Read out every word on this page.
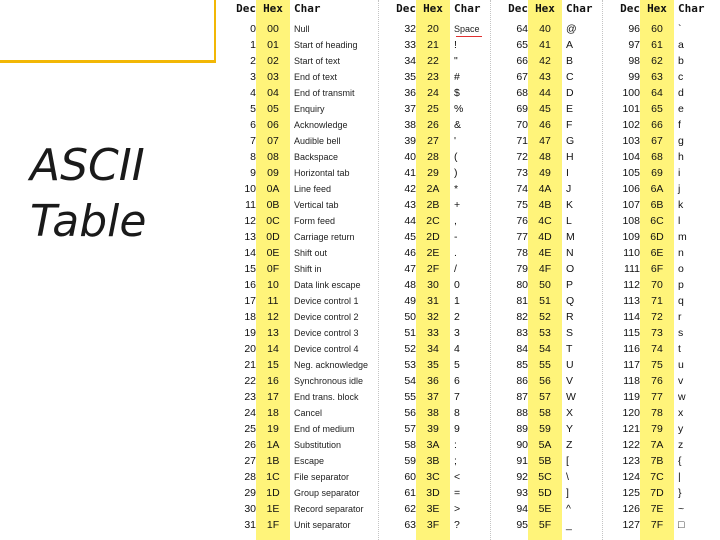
ASCII
Table
Dec Hex	Char
0	00	Null
1	01	Start of heading
2	02	Start of text
3	03	End of text
4	04	End of transmit
5	05	Enquiry
6	06	Acknowledge
7	07	Audible bell
8	08	Backspace
9	09	Horizontal tab
10	0A	Line feed
11	0B	Vertical tab
12 0C	Form feed
13 0D	Carriage return
14	0E	Shift out
15	0F	Shift in
16	10	Data link escape
17	11	Device control 1
18	12	Device control 2
19	13	Device control 3
20	14	Device control 4
21	15	Neg. acknowledge
22	16	Synchronous idle
23	17	End trans. block
24	18	Cancel
25	19	End of medium
26	1A	Substitution
27	1B	Escape
28 1C	File separator
29 1D	Group separator
30	1E	Record separator
31	1F	Unit separator
Dec Hex	Char
32	20	Space
33	21	!
34	22	"
35	23	#
36	24	$
37	25	%
38	26	&
39	27	'
40	28	(
41	29	)
42	2A	*
43	2B	+
44 2C	,
45 2D	-
46	2E	.
47	2F	/
48	30	0
49	31	1
50	32	2
51	33	3
52	34	4
53	35	5
54	36	6
55	37	7
56	38	8
57	39	9
58	3A	:
59	3B	;
60 3C	<
61 3D	=
62	3E	>
63	3F	?
Dec Hex	Char
64	40	@
65	41	A
66	42	B
67	43	C
68	44	D
69	45	E
70	46	F
71	47	G
72	48	H
73	49	I
74	4A	J
75	4B	K
76 4C	L
77 4D	M
78	4E	N
79	4F	O
80	50	P
81	51	Q
82	52	R
83	53	S
84	54	T
85	55	U
86	56	V
87	57	W
88	58	X
89	59	Y
90	5A	Z
91	5B	[
92 5C	\
93 5D	]
94	5E	^
95	5F	_
Dec Hex	Char
96	60	`
97	61	a
98	62	b
99	63	c
100	64	d
101	65	e
102	66	f
103	67	g
104	68	h
105	69	i
106	6A	j
107	6B	k
108 6C	l
109 6D	m
110	6E	n
111	6F	o
112	70	p
113	71	q
114	72	r
115	73	s
116	74	t
117	75	u
118	76	v
119	77	w
120	78	x
121	79	y
122	7A	z
123	7B	{
124 7C	|
125 7D	}
126	7E	~
127	7F	□
